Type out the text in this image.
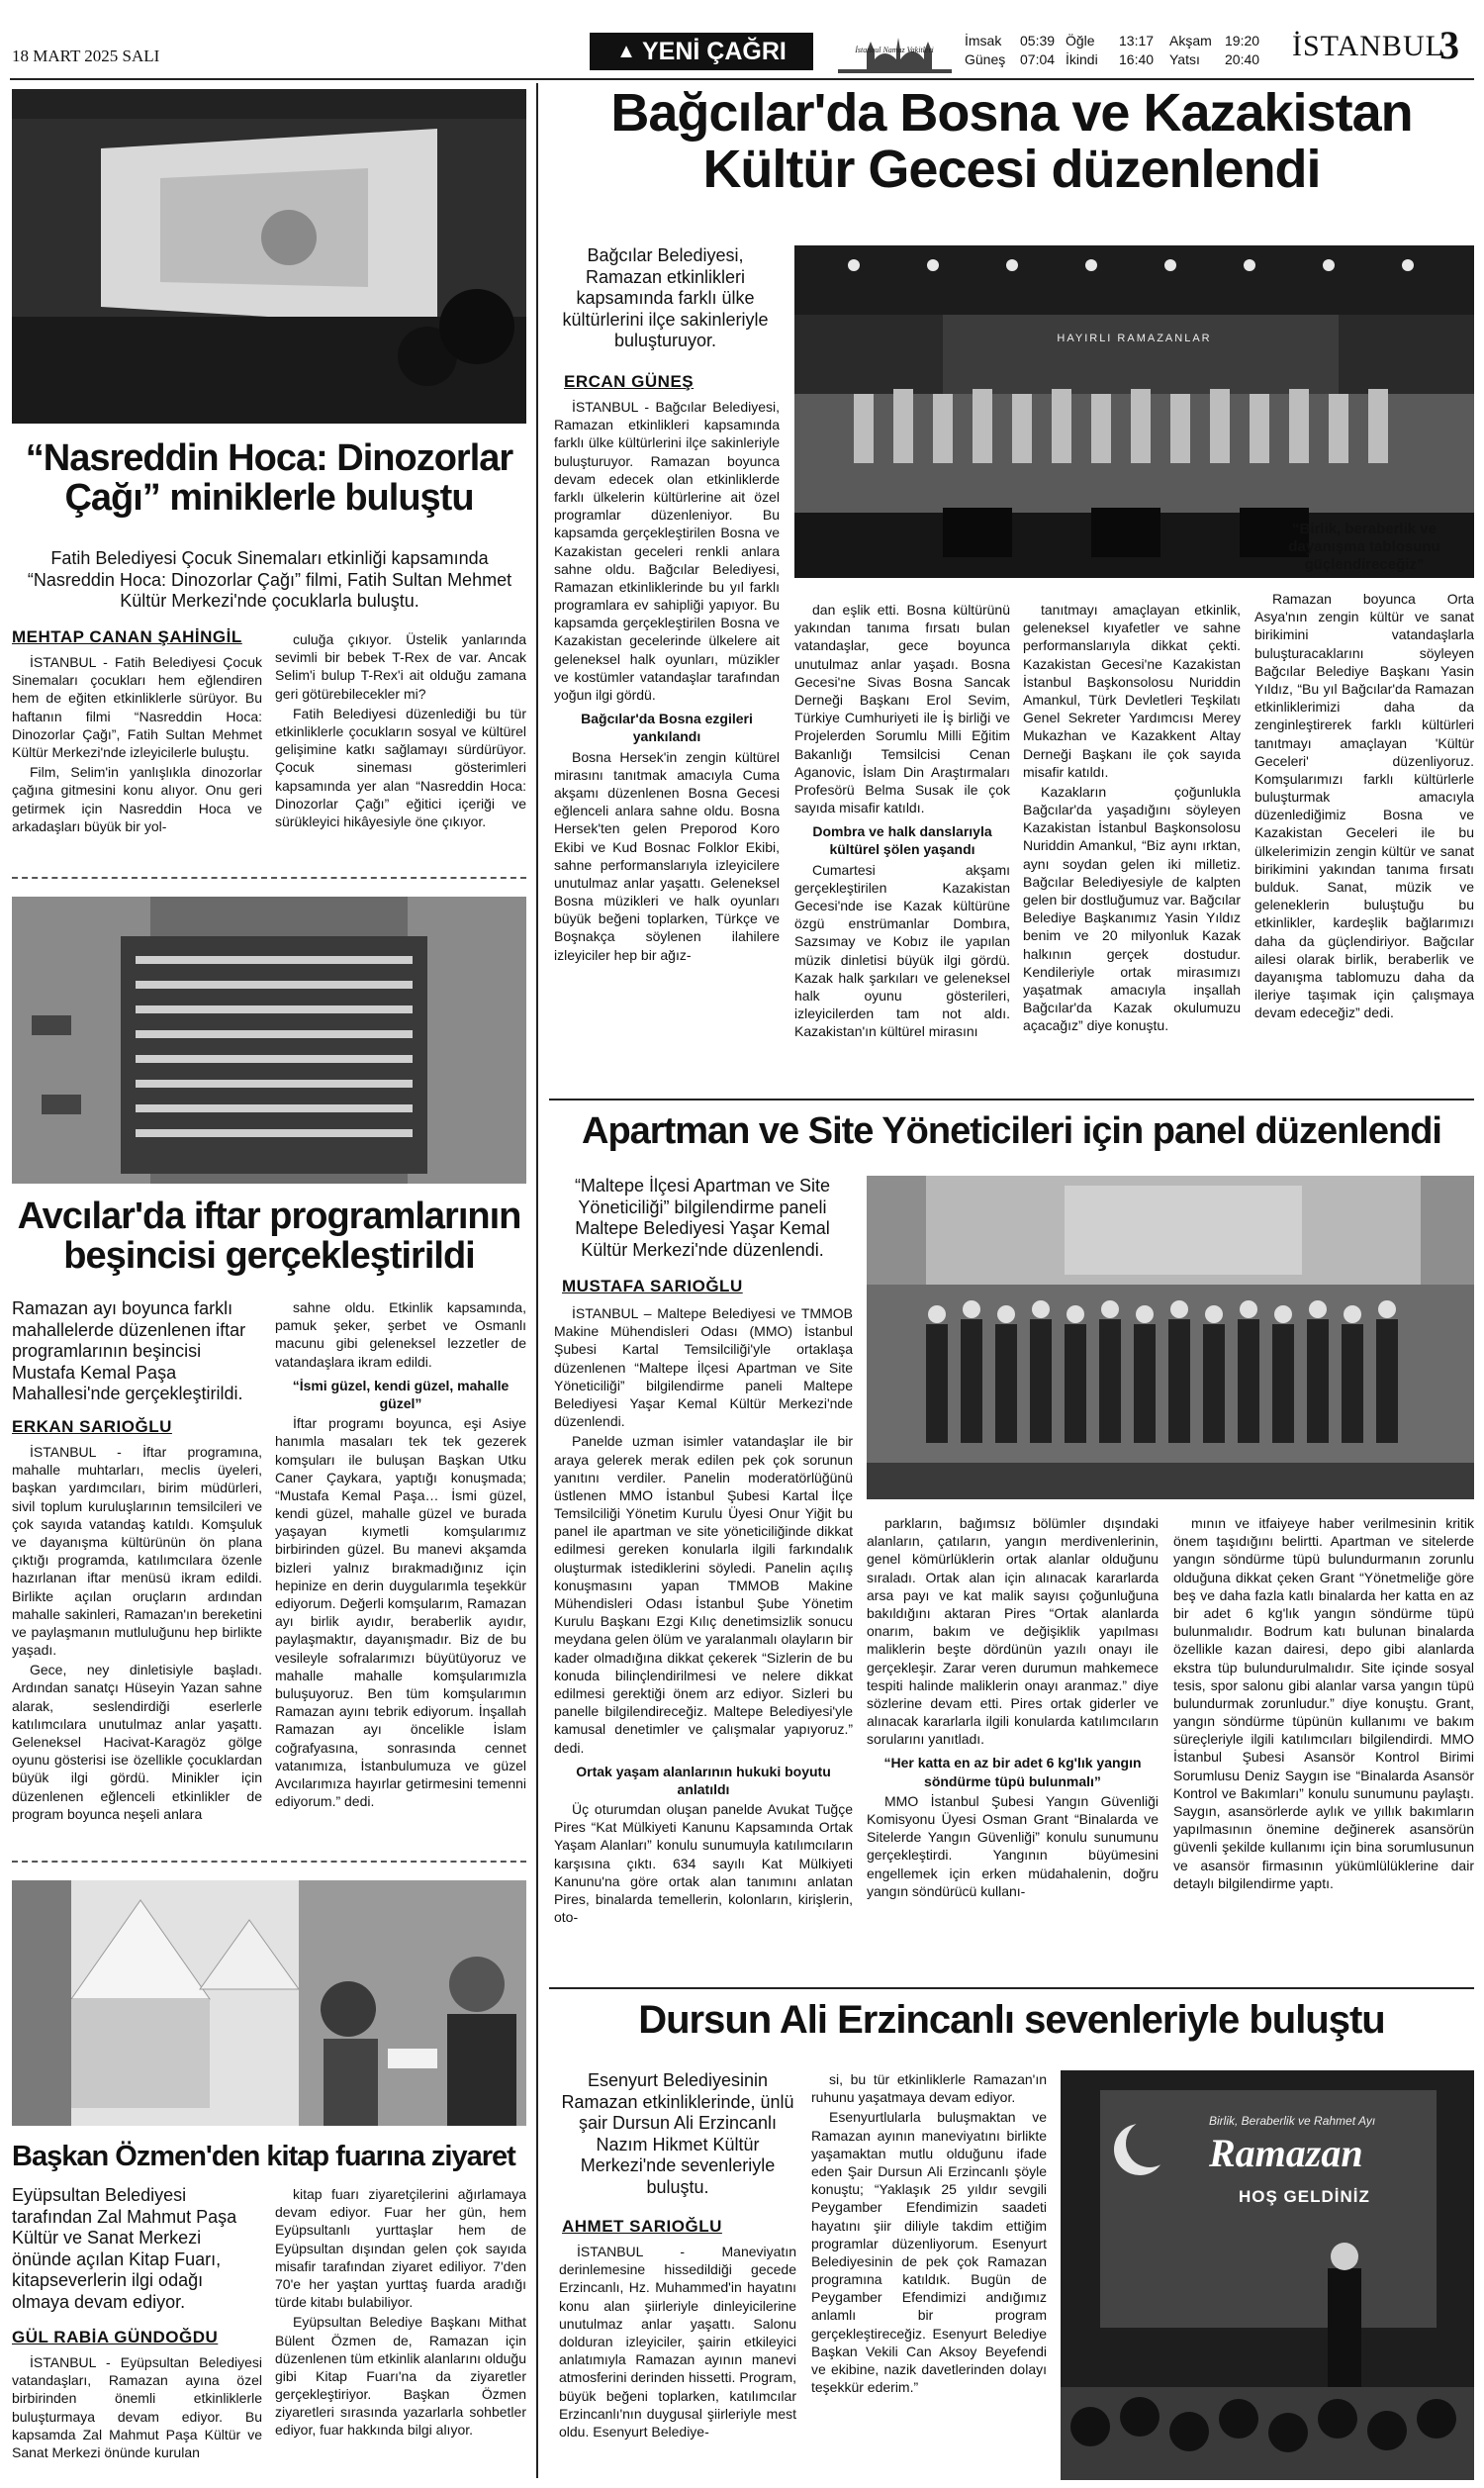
18 MART 2025 SALI	▲ YENİ ÇAĞRI	İstanbul Namaz Vakitleri
İmsak	05:39 Öğle	13:17	Akşam 19:20
Güneş	07:04 İkindi	16:40	Yatsı	20:40 İSTANBUL
3
“Nasreddin Hoca: Dinozorlar Çağı” miniklerle buluştu
Fatih Belediyesi Çocuk Sinemaları etkinliği kapsamında “Nasreddin Hoca: Dinozorlar Çağı” filmi, Fatih Sultan Mehmet Kültür Merkezi'nde çocuklarla buluştu.
MEHTAP CANAN ŞAHİNGİL

İSTANBUL - Fatih Belediyesi Çocuk Sinemaları çocukları hem eğlendiren hem de eğiten etkinliklerle sürüyor. Bu haftanın filmi “Nasreddin Hoca: Dinozorlar Çağı”, Fatih Sultan Mehmet Kültür Merkezi'nde izleyicilerle buluştu.

Film, Selim'in yanlışlıkla dinozorlar çağına gitmesini konu alıyor. Onu geri getirmek için Nasreddin Hoca ve arkadaşları büyük bir yol-

culuğa çıkıyor. Üstelik yanlarında sevimli bir bebek T-Rex de var. Ancak Selim'i bulup T-Rex'i ait olduğu zamana geri götürebilecekler mi?

Fatih Belediyesi düzenlediği bu tür etkinliklerle çocukların sosyal ve kültürel gelişimine katkı sağlamayı sürdürüyor. Çocuk sineması gösterimleri kapsamında yer alan “Nasreddin Hoca: Dinozorlar Çağı” eğitici içeriği ve sürükleyici hikâyesiyle öne çıkıyor.

Avcılar'da iftar programlarının beşincisi gerçekleştirildi
Ramazan ayı boyunca farklı mahallelerde düzenlenen iftar programlarının beşincisi Mustafa Kemal Paşa Mahallesi'nde gerçekleştirildi.
ERKAN SARIOĞLU

İSTANBUL - İftar programına, mahalle muhtarları, meclis üyeleri, başkan yardımcıları, birim müdürleri, sivil toplum kuruluşlarının temsilcileri ve çok sayıda vatandaş katıldı. Komşuluk ve dayanışma kültürünün ön plana çıktığı programda, katılımcılara özenle hazırlanan iftar menüsü ikram edildi. Birlikte açılan oruçların ardından mahalle sakinleri, Ramazan'ın bereketini ve paylaşmanın mutluluğunu hep birlikte yaşadı.

Gece, ney dinletisiyle başladı. Ardından sanatçı Hüseyin Yazan sahne alarak, seslendirdiği eserlerle katılımcılara unutulmaz anlar yaşattı. Geleneksel Hacivat-Karagöz gölge oyunu gösterisi ise özellikle çocuklardan büyük ilgi gördü. Minikler için düzenlenen eğlenceli etkinlikler de program boyunca neşeli anlara

sahne oldu. Etkinlik kapsamında, pamuk şeker, şerbet ve Osmanlı macunu gibi geleneksel lezzetler de vatandaşlara ikram edildi.

“İsmi güzel, kendi güzel, mahalle güzel”

İftar programı boyunca, eşi Asiye hanımla masaları tek tek gezerek komşuları ile buluşan Başkan Utku Caner Çaykara, yaptığı konuşmada; “Mustafa Kemal Paşa… İsmi güzel, kendi güzel, mahalle güzel ve burada yaşayan kıymetli komşularımız birbirinden güzel. Bu manevi akşamda bizleri yalnız bırakmadığınız için hepinize en derin duygularımla teşekkür ediyorum. Değerli komşularım, Ramazan ayı birlik ayıdır, beraberlik ayıdır, paylaşmaktır, dayanışmadır. Biz de bu vesileyle sofralarımızı büyütüyoruz ve mahalle mahalle komşularımızla buluşuyoruz. Ben tüm komşularımın Ramazan ayını tebrik ediyorum. İnşallah Ramazan ayı öncelikle İslam coğrafyasına, sonrasında cennet vatanımıza, İstanbulumuza ve güzel Avcılarımıza hayırlar getirmesini temenni ediyorum.” dedi.

Başkan Özmen'den kitap fuarına ziyaret
Eyüpsultan Belediyesi tarafından Zal Mahmut Paşa Kültür ve Sanat Merkezi önünde açılan Kitap Fuarı, kitapseverlerin ilgi odağı olmaya devam ediyor.
GÜL RABİA GÜNDOĞDU

İSTANBUL - Eyüpsultan Belediyesi vatandaşları, Ramazan ayına özel birbirinden önemli etkinliklerle buluşturmaya devam ediyor. Bu kapsamda Zal Mahmut Paşa Kültür ve Sanat Merkezi önünde kurulan

kitap fuarı ziyaretçilerini ağırlamaya devam ediyor. Fuar her gün, hem Eyüpsultanlı yurttaşlar hem de Eyüpsultan dışından gelen çok sayıda misafir tarafından ziyaret ediliyor. 7'den 70'e her yaştan yurttaş fuarda aradığı türde kitabı bulabiliyor.

Eyüpsultan Belediye Başkanı Mithat Bülent Özmen de, Ramazan için düzenlenen tüm etkinlik alanlarını olduğu gibi Kitap Fuarı'na da ziyaretler gerçekleştiriyor. Başkan Özmen ziyaretleri sırasında yazarlarla sohbetler ediyor, fuar hakkında bilgi alıyor.

Bağcılar'da Bosna ve Kazakistan Kültür Gecesi düzenlendi
Bağcılar Belediyesi, Ramazan etkinlikleri kapsamında farklı ülke kültürlerini ilçe sakinleriyle buluşturuyor.
ERCAN GÜNEŞ
HAYIRLI RAMAZANLAR

İSTANBUL - Bağcılar Belediyesi, Ramazan etkinlikleri kapsamında farklı ülke kültürlerini ilçe sakinleriyle buluşturuyor. Ramazan boyunca devam edecek olan etkinliklerde farklı ülkelerin kültürlerine ait özel programlar düzenleniyor. Bu kapsamda gerçekleştirilen Bosna ve Kazakistan geceleri renkli anlara sahne oldu. Bağcılar Belediyesi, Ramazan etkinliklerinde bu yıl farklı programlara ev sahipliği yapıyor. Bu kapsamda gerçekleştirilen Bosna ve Kazakistan gecelerinde ülkelere ait geleneksel halk oyunları, müzikler ve kostümler vatandaşlar tarafından yoğun ilgi gördü.

Bağcılar'da Bosna ezgileri yankılandı

Bosna Hersek'in zengin kültürel mirasını tanıtmak amacıyla Cuma akşamı düzenlenen Bosna Gecesi eğlenceli anlara sahne oldu. Bosna Hersek'ten gelen Preporod Koro Ekibi ve Kud Bosnac Folklor Ekibi, sahne performanslarıyla izleyicilere unutulmaz anlar yaşattı. Geleneksel Bosna müzikleri ve halk oyunları büyük beğeni toplarken, Türkçe ve Boşnakça söylenen ilahilere izleyiciler hep bir ağız-

dan eşlik etti. Bosna kültürünü yakından tanıma fırsatı bulan vatandaşlar, gece boyunca unutulmaz anlar yaşadı. Bosna Gecesi'ne Sivas Bosna Sancak Derneği Başkanı Erol Sevim, Türkiye Cumhuriyeti ile İş birliği ve Projelerden Sorumlu Milli Eğitim Bakanlığı Temsilcisi Cenan Aganovic, İslam Din Araştırmaları Profesörü Belma Susak ile çok sayıda misafir katıldı.

Dombra ve halk danslarıyla kültürel şölen yaşandı

Cumartesi akşamı gerçekleştirilen Kazakistan Gecesi'nde ise Kazak kültürüne özgü enstrümanlar Dombıra, Sazsımay ve Kobız ile yapılan müzik dinletisi büyük ilgi gördü. Kazak halk şarkıları ve geleneksel halk oyunu gösterileri, izleyicilerden tam not aldı. Kazakistan'ın kültürel mirasını

tanıtmayı amaçlayan etkinlik, geleneksel kıyafetler ve sahne performanslarıyla dikkat çekti. Kazakistan Gecesi'ne Kazakistan İstanbul Başkonsolosu Nuriddin Amankul, Türk Devletleri Teşkilatı Genel Sekreter Yardımcısı Merey Mukazhan ve Kazakkent Altay Derneği Başkanı ile çok sayıda misafir katıldı.

Kazakların çoğunlukla Bağcılar'da yaşadığını söyleyen Kazakistan İstanbul Başkonsolosu Nuriddin Amankul, “Biz aynı ırktan, aynı soydan gelen iki milletiz. Bağcılar Belediyesiyle de kalpten gelen bir dostluğumuz var. Bağcılar Belediye Başkanımız Yasin Yıldız benim ve 20 milyonluk Kazak halkının gerçek dostudur. Kendileriyle ortak mirasımızı yaşatmak amacıyla inşallah Bağcılar'da Kazak okulumuzu açacağız” diye konuştu.

“Birlik, beraberlik ve dayanışma tablosunu güçlendireceğiz”

Ramazan boyunca Orta Asya'nın zengin kültür ve sanat birikimini vatandaşlarla buluşturacaklarını söyleyen Bağcılar Belediye Başkanı Yasin Yıldız, “Bu yıl Bağcılar'da Ramazan etkinliklerimizi daha da zenginleştirerek farklı kültürleri tanıtmayı amaçlayan 'Kültür Geceleri' düzenliyoruz. Komşularımızı farklı kültürlerle buluşturmak amacıyla düzenlediğimiz Bosna ve Kazakistan Geceleri ile bu ülkelerimizin zengin kültür ve sanat birikimini yakından tanıma fırsatı bulduk. Sanat, müzik ve geleneklerin buluştuğu bu etkinlikler, kardeşlik bağlarımızı daha da güçlendiriyor. Bağcılar ailesi olarak birlik, beraberlik ve dayanışma tablomuzu daha da ileriye taşımak için çalışmaya devam edeceğiz” dedi.

Apartman ve Site Yöneticileri için panel düzenlendi
“Maltepe İlçesi Apartman ve Site Yöneticiliği” bilgilendirme paneli Maltepe Belediyesi Yaşar Kemal Kültür Merkezi'nde düzenlendi.
MUSTAFA SARIOĞLU

İSTANBUL – Maltepe Belediyesi ve TMMOB Makine Mühendisleri Odası (MMO) İstanbul Şubesi Kartal Temsilciliği'yle ortaklaşa düzenlenen “Maltepe İlçesi Apartman ve Site Yöneticiliği” bilgilendirme paneli Maltepe Belediyesi Yaşar Kemal Kültür Merkezi'nde düzenlendi.

Panelde uzman isimler vatandaşlar ile bir araya gelerek merak edilen pek çok sorunun yanıtını verdiler. Panelin moderatörlüğünü üstlenen MMO İstanbul Şubesi Kartal İlçe Temsilciliği Yönetim Kurulu Üyesi Onur Yiğit bu panel ile apartman ve site yöneticiliğinde dikkat edilmesi gereken konularla ilgili farkındalık oluşturmak istediklerini söyledi. Panelin açılış konuşmasını yapan TMMOB Makine Mühendisleri Odası İstanbul Şube Yönetim Kurulu Başkanı Ezgi Kılıç denetimsizlik sonucu meydana gelen ölüm ve yaralanmalı olayların bir kader olmadığına dikkat çekerek “Sizlerin de bu konuda bilinçlendirilmesi ve nelere dikkat edilmesi gerektiği önem arz ediyor. Sizleri bu panelle bilgilendireceğiz. Maltepe Belediyesi'yle kamusal denetimler ve çalışmalar yapıyoruz.” dedi.

Ortak yaşam alanlarının hukuki boyutu anlatıldı

Üç oturumdan oluşan panelde Avukat Tuğçe Pires “Kat Mülkiyeti Kanunu Kapsamında Ortak Yaşam Alanları” konulu sunumuyla katılımcıların karşısına çıktı. 634 sayılı Kat Mülkiyeti Kanunu'na göre ortak alan tanımını anlatan Pires, binalarda temellerin, kolonların, kirişlerin, oto-

parkların, bağımsız bölümler dışındaki alanların, çatıların, yangın merdivenlerinin, genel kömürlüklerin ortak alanlar olduğunu sıraladı. Ortak alan için alınacak kararlarda arsa payı ve kat malik sayısı çoğunluğuna bakıldığını aktaran Pires “Ortak alanlarda onarım, bakım ve değişiklik yapılması maliklerin beşte dördünün yazılı onayı ile gerçekleşir. Zarar veren durumun mahkemece tespiti halinde maliklerin onayı aranmaz.” diye sözlerine devam etti. Pires ortak giderler ve alınacak kararlarla ilgili konularda katılımcıların sorularını yanıtladı.

“Her katta en az bir adet 6 kg'lık yangın söndürme tüpü bulunmalı”

MMO İstanbul Şubesi Yangın Güvenliği Komisyonu Üyesi Osman Grant “Binalarda ve Sitelerde Yangın Güvenliği” konulu sunumunu gerçekleştirdi. Yangının büyümesini engellemek için erken müdahalenin, doğru yangın söndürücü kullanı-

mının ve itfaiyeye haber verilmesinin kritik önem taşıdığını belirtti. Apartman ve sitelerde yangın söndürme tüpü bulundurmanın zorunlu olduğuna dikkat çeken Grant “Yönetmeliğe göre beş ve daha fazla katlı binalarda her katta en az bir adet 6 kg'lık yangın söndürme tüpü bulunmalıdır. Bodrum katı bulunan binalarda özellikle kazan dairesi, depo gibi alanlarda ekstra tüp bulundurulmalıdır. Site içinde sosyal tesis, spor salonu gibi alanlar varsa yangın tüpü bulundurmak zorunludur.” diye konuştu. Grant, yangın söndürme tüpünün kullanımı ve bakım süreçleriyle ilgili katılımcıları bilgilendirdi. MMO İstanbul Şubesi Asansör Kontrol Birimi Sorumlusu Deniz Saygın ise “Binalarda Asansör Kontrol ve Bakımları” konulu sunumunu paylaştı. Saygın, asansörlerde aylık ve yıllık bakımların yapılmasının önemine değinerek asansörün güvenli şekilde kullanımı için bina sorumlusunun ve asansör firmasının yükümlülüklerine dair detaylı bilgilendirme yaptı.

Dursun Ali Erzincanlı sevenleriyle buluştu
Esenyurt Belediyesinin Ramazan etkinliklerinde, ünlü şair Dursun Ali Erzincanlı Nazım Hikmet Kültür Merkezi'nde sevenleriyle buluştu.
AHMET SARIOĞLU

İSTANBUL - Maneviyatın derinlemesine hissedildiği gecede Erzincanlı, Hz. Muhammed'in hayatını konu alan şiirleriyle dinleyicilerine unutulmaz anlar yaşattı. Salonu dolduran izleyiciler, şairin etkileyici anlatımıyla Ramazan ayının manevi atmosferini derinden hissetti. Program, büyük beğeni toplarken, katılımcılar Erzincanlı'nın duygusal şiirleriyle mest oldu. Esenyurt Belediye-

si, bu tür etkinliklerle Ramazan'ın ruhunu yaşatmaya devam ediyor.

Esenyurtlularla buluşmaktan ve Ramazan ayının maneviyatını birlikte yaşamaktan mutlu olduğunu ifade eden Şair Dursun Ali Erzincanlı şöyle konuştu; “Yaklaşık 25 yıldır sevgili Peygamber Efendimizin saadeti hayatını şiir diliyle takdim ettiğim programlar düzenliyorum. Esenyurt Belediyesinin de pek çok Ramazan programına katıldık. Bugün de Peygamber Efendimizi andığımız anlamlı bir program gerçekleştireceğiz. Esenyurt Belediye Başkan Vekili Can Aksoy Beyefendi ve ekibine, nazik davetlerinden dolayı teşekkür ederim.”

Birlik, Beraberlik ve Rahmet Ayı
Ramazan
HOŞ GELDİNİZ
